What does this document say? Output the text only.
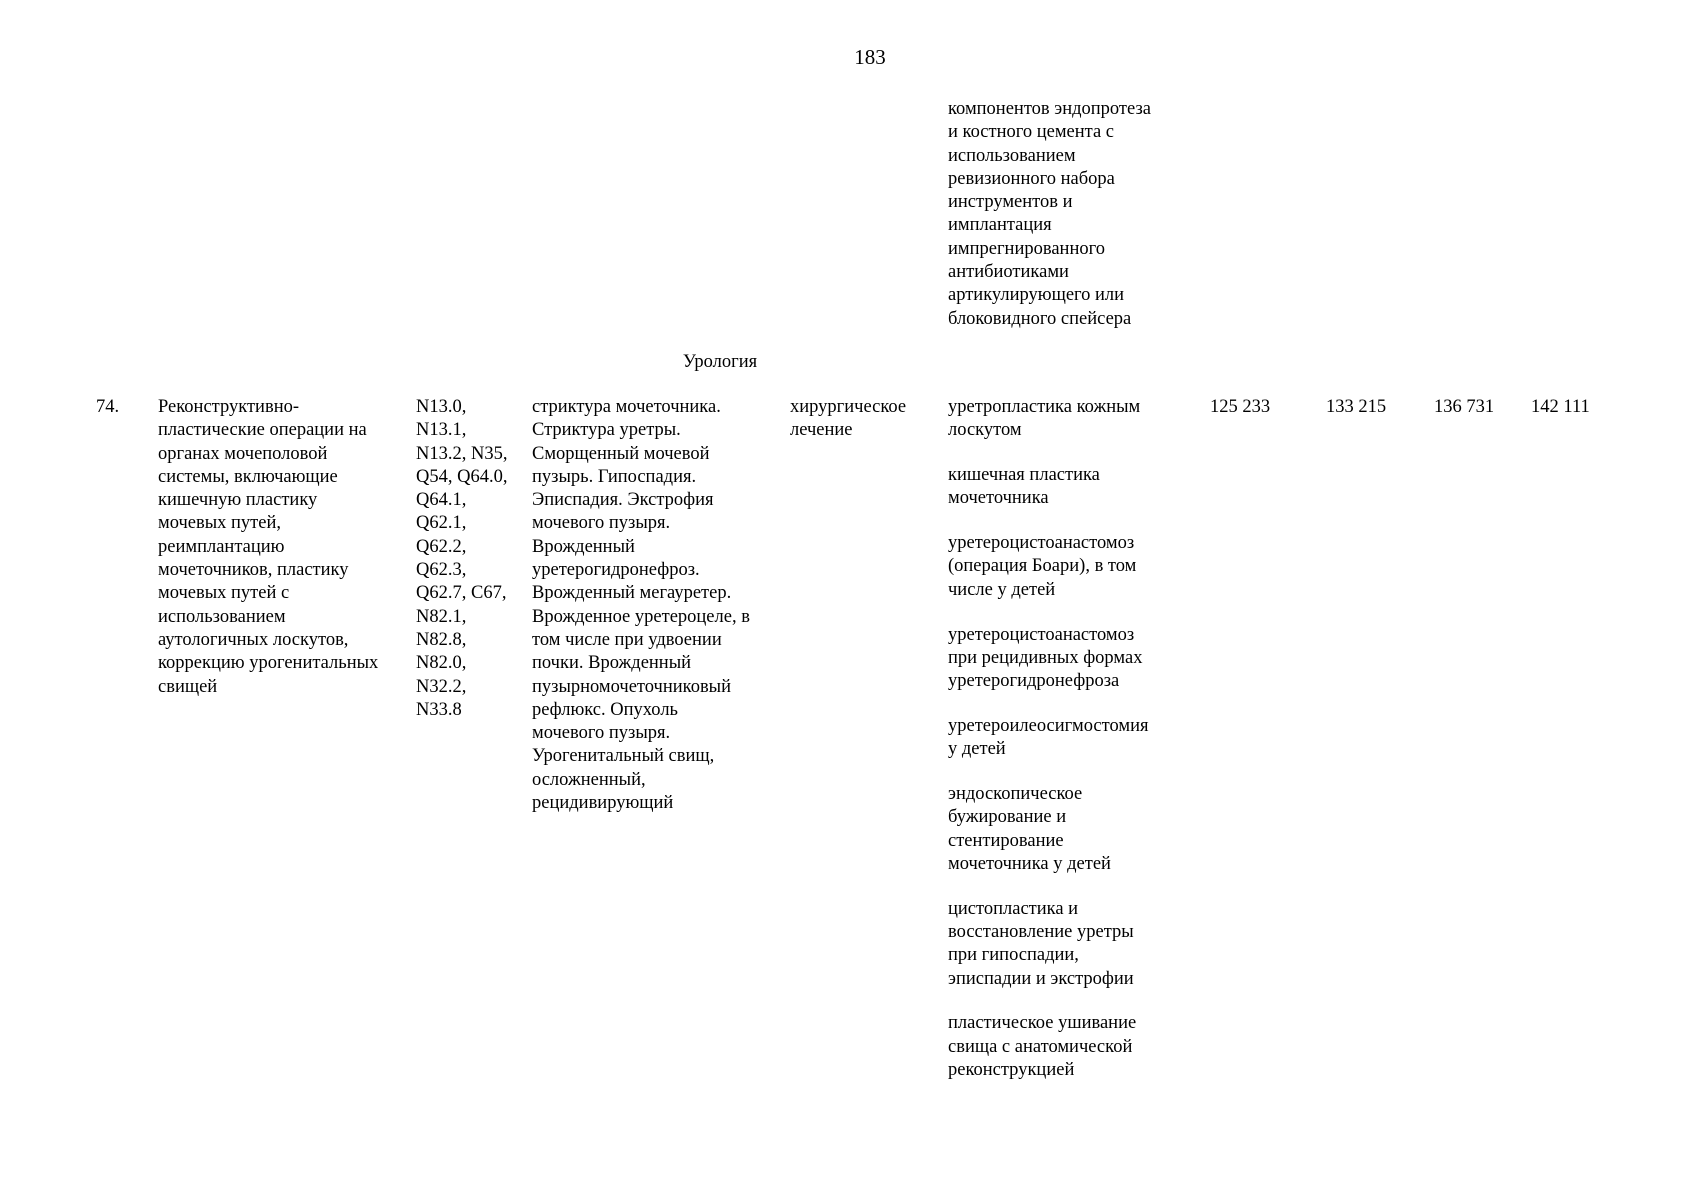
183
компонентов эндопротеза
и костного цемента с
использованием
ревизионного набора
инструментов и
имплантация
импрегнированного
антибиотиками
артикулирующего или
блоковидного спейсера
Урология
74. Реконструктивно-
пластические операции на
органах мочеполовой
системы, включающие
кишечную пластику
мочевых путей,
реимплантацию
мочеточников, пластику
мочевых путей с
использованием
аутологичных лоскутов,
коррекцию урогенитальных
свищей
N13.0,
N13.1,
N13.2, N35,
Q54, Q64.0,
Q64.1,
Q62.1,
Q62.2,
Q62.3,
Q62.7, C67,
N82.1,
N82.8,
N82.0,
N32.2,
N33.8
стриктура мочеточника.
Стриктура уретры.
Сморщенный мочевой
пузырь. Гипоспадия.
Эписпадия. Экстрофия
мочевого пузыря.
Врожденный
уретерогидронефроз.
Врожденный мегауретер.
Врожденное уретероцеле, в
том числе при удвоении
почки. Врожденный
пузырномочеточниковый
рефлюкс. Опухоль
мочевого пузыря.
Урогенитальный свищ,
осложненный,
рецидивирующий
хирургическое
лечение
уретропластика кожным
лоскутом
кишечная пластика
мочеточника
уретероцистоанастомоз
(операция Боари), в том
числе у детей
уретероцистоанастомоз
при рецидивных формах
уретерогидронефроза
уретероилеосигмостомия
у детей
эндоскопическое
бужирование и
стентирование
мочеточника у детей
цистопластика и
восстановление уретры
при гипоспадии,
эписпадии и экстрофии
пластическое ушивание
свища с анатомической
реконструкцией
125 233	133 215	136 731 142 111
